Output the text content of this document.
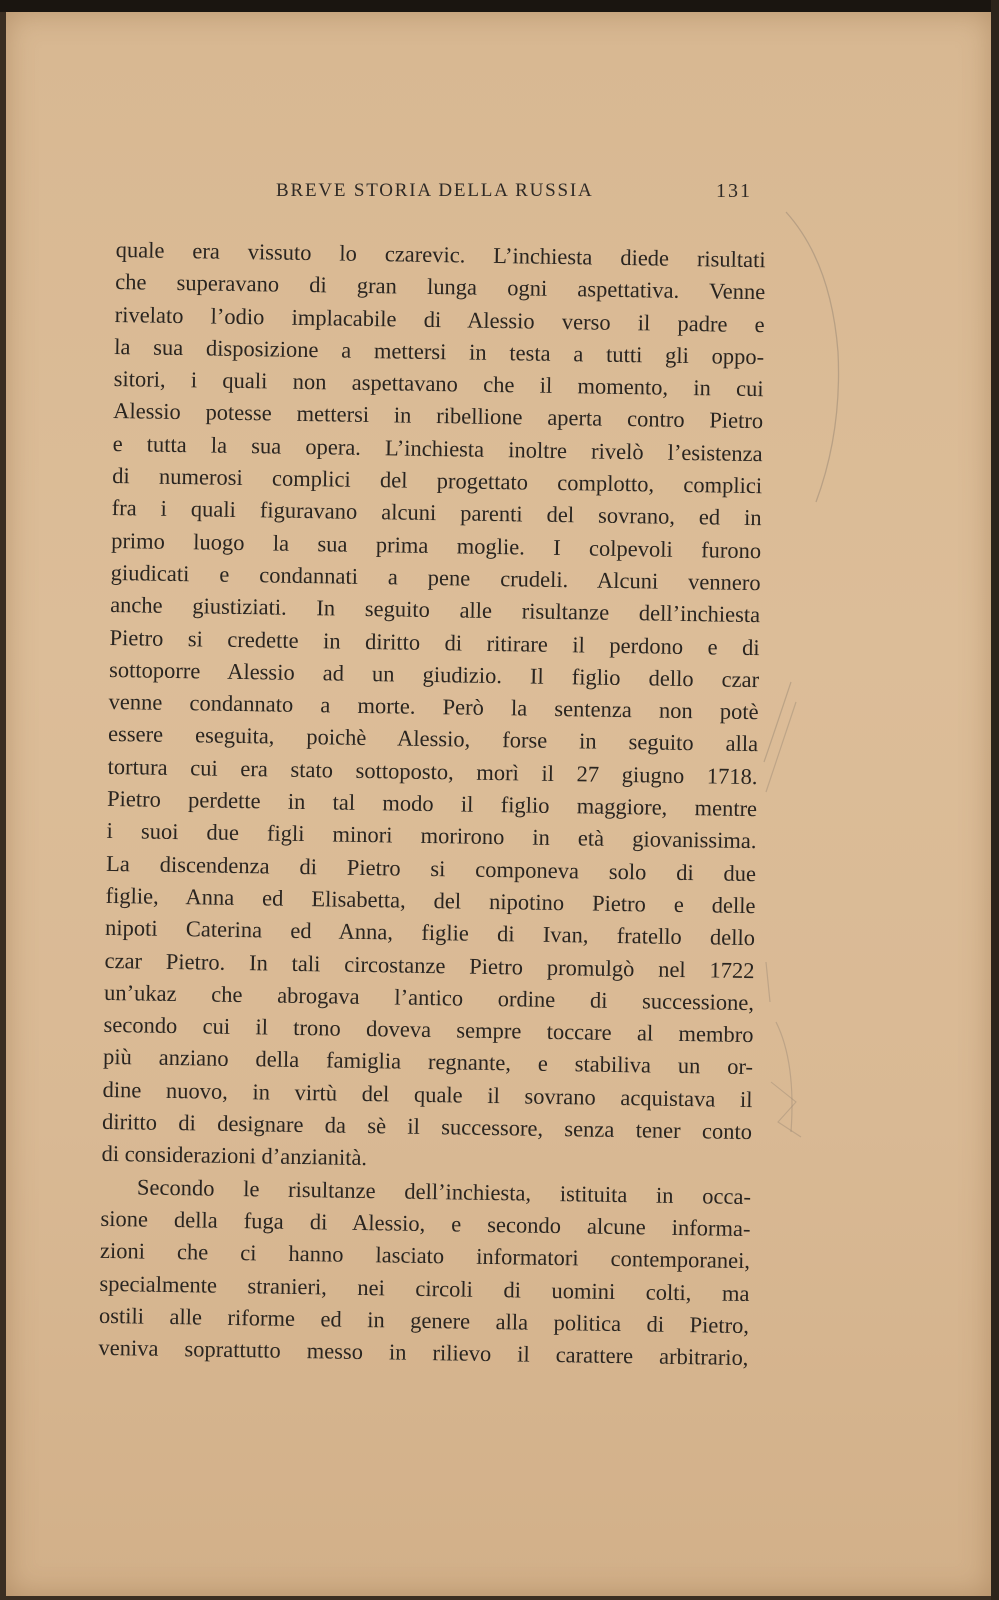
BREVE STORIA DELLA RUSSIA	131
quale era vissuto lo czarevic. L’inchiesta diede risultati
che superavano di gran lunga ogni aspettativa. Venne
rivelato l’odio implacabile di Alessio verso il padre e
la sua disposizione a mettersi in testa a tutti gli oppo-
sitori, i quali non aspettavano che il momento, in cui
Alessio potesse mettersi in ribellione aperta contro Pietro
e tutta la sua opera. L’inchiesta inoltre rivelò l’esistenza
di numerosi complici del progettato complotto, complici
fra i quali figuravano alcuni parenti del sovrano, ed in
primo luogo la sua prima moglie. I colpevoli furono
giudicati e condannati a pene crudeli. Alcuni vennero
anche giustiziati. In seguito alle risultanze dell’inchiesta
Pietro si credette in diritto di ritirare il perdono e di
sottoporre Alessio ad un giudizio. Il figlio dello czar
venne condannato a morte. Però la sentenza non potè
essere eseguita, poichè Alessio, forse in seguito alla
tortura cui era stato sottoposto, morì il 27 giugno 1718.
Pietro perdette in tal modo il figlio maggiore, mentre
i suoi due figli minori morirono in età giovanissima.
La discendenza di Pietro si componeva solo di due
figlie, Anna ed Elisabetta, del nipotino Pietro e delle
nipoti Caterina ed Anna, figlie di Ivan, fratello dello
czar Pietro. In tali circostanze Pietro promulgò nel 1722
un’ukaz che abrogava l’antico ordine di successione,
secondo cui il trono doveva sempre toccare al membro
più anziano della famiglia regnante, e stabiliva un or-
dine nuovo, in virtù del quale il sovrano acquistava il
diritto di designare da sè il successore, senza tener conto
di considerazioni d’anzianità.
Secondo le risultanze dell’inchiesta, istituita in occa-
sione della fuga di Alessio, e secondo alcune informa-
zioni che ci hanno lasciato informatori contemporanei,
specialmente stranieri, nei circoli di uomini colti, ma
ostili alle riforme ed in genere alla politica di Pietro,
veniva soprattutto messo in rilievo il carattere arbitrario,
